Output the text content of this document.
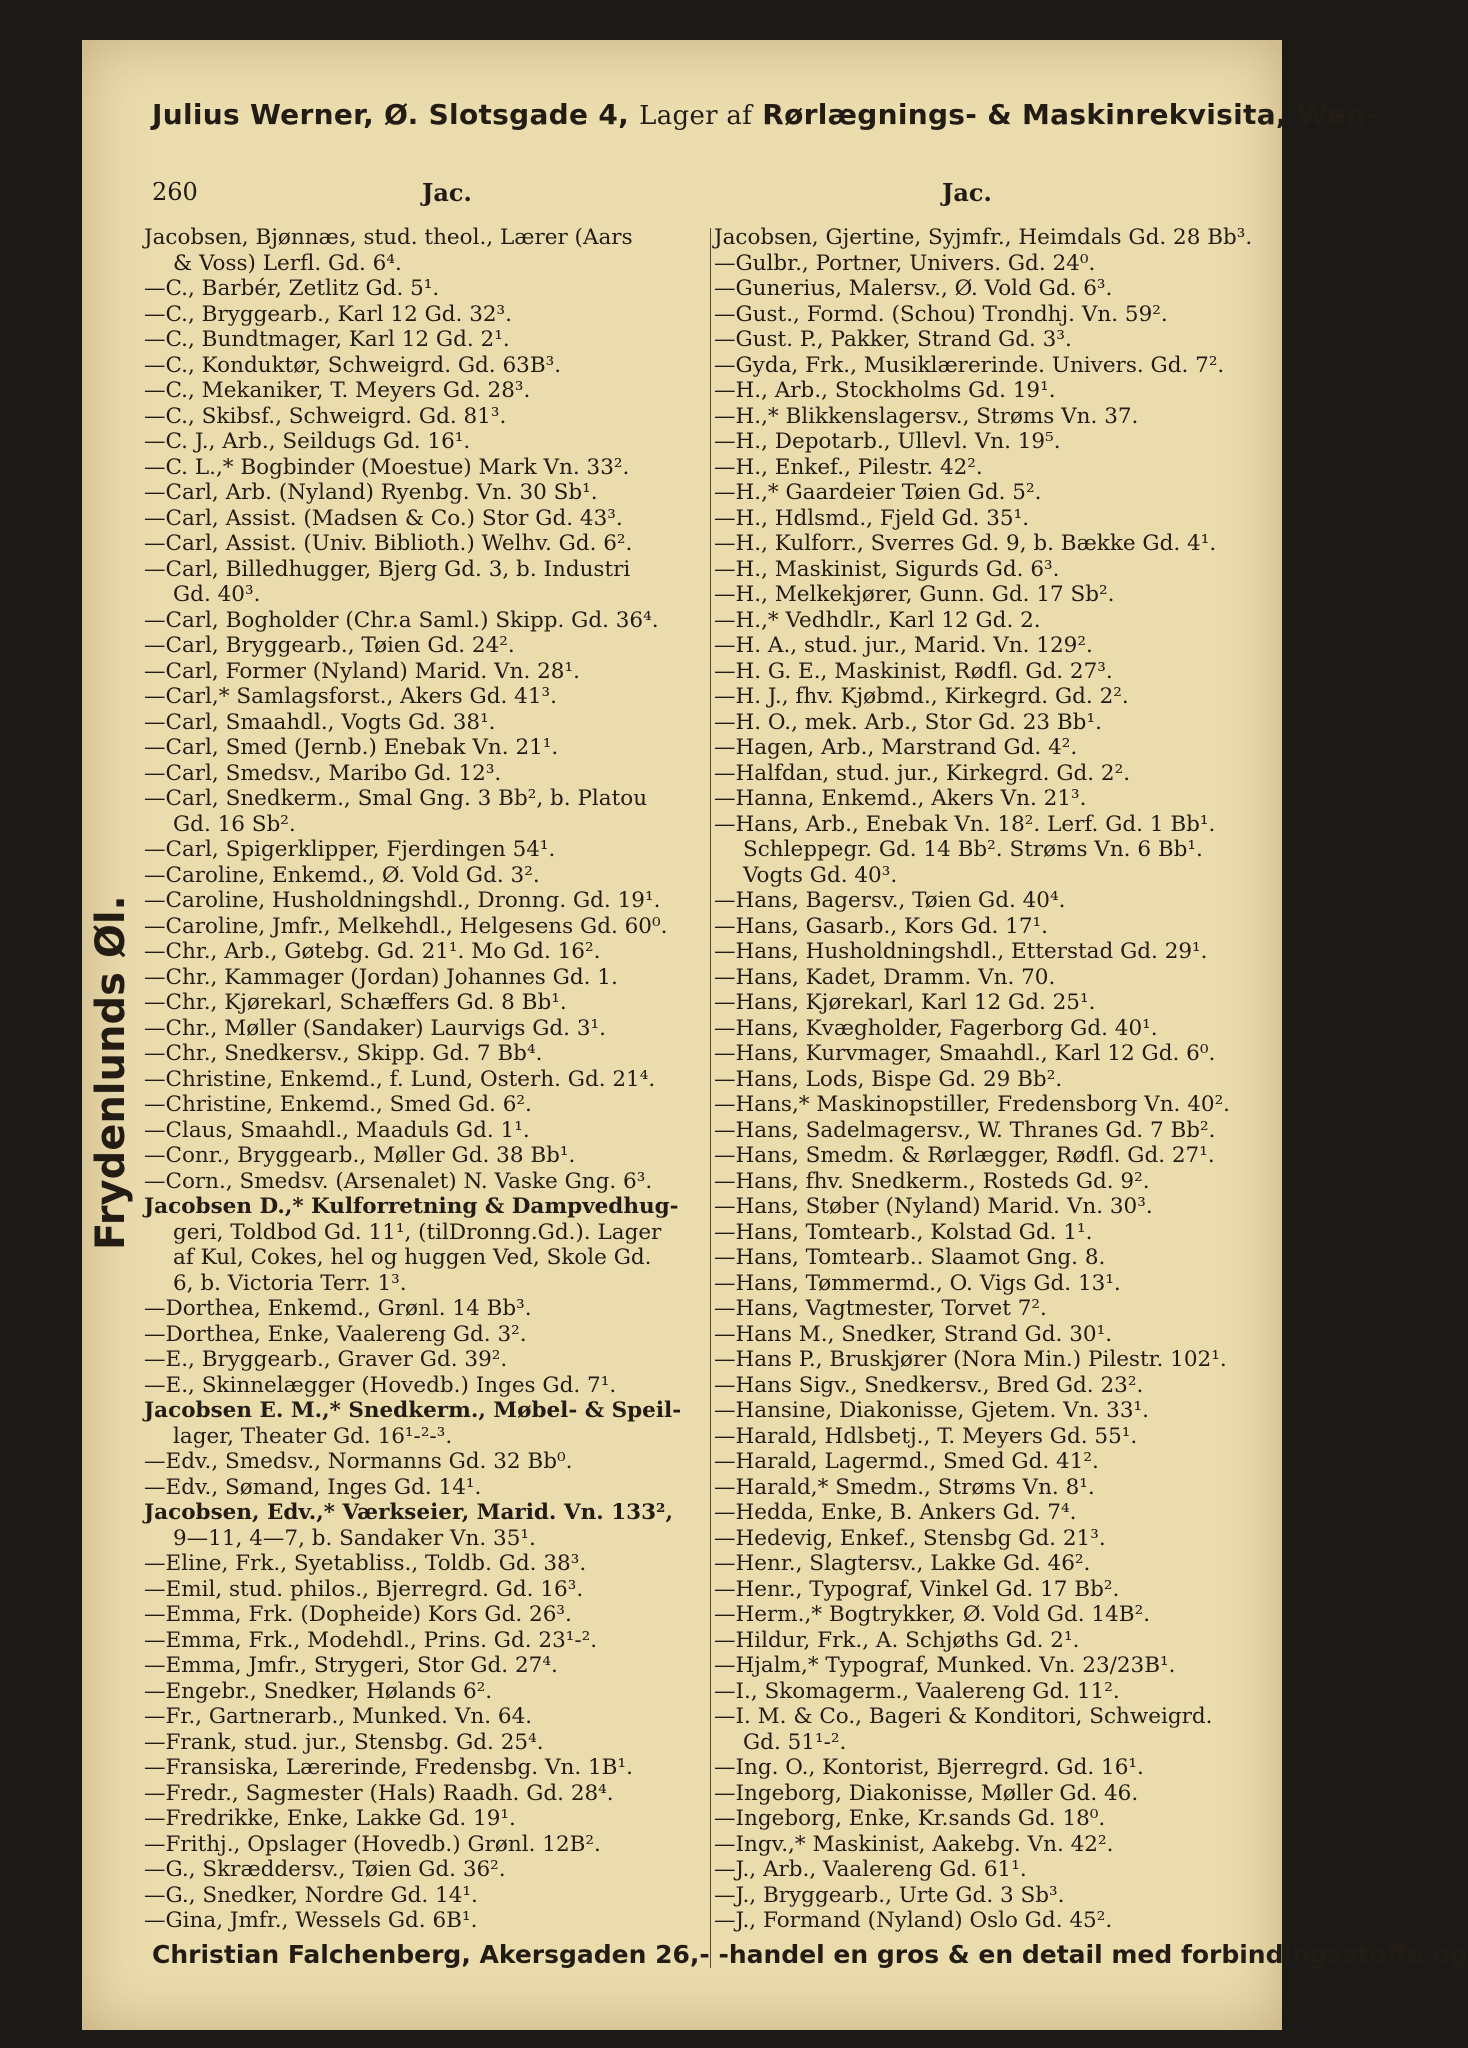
Julius Werner, Ø. Slotsgade 4, Lager af Rørlægnings- & Maskinrekvisita, Wen-
260	Jac.	Jac.
Jacobsen, Bjønnæs, stud. theol., Lærer (Aars
& Voss) Lerfl. Gd. 6⁴.
—C., Barbér, Zetlitz Gd. 5¹.
—C., Bryggearb., Karl 12 Gd. 32³.
—C., Bundtmager, Karl 12 Gd. 2¹.
—C., Konduktør, Schweigrd. Gd. 63B³.
—C., Mekaniker, T. Meyers Gd. 28³.
—C., Skibsf., Schweigrd. Gd. 81³.
—C. J., Arb., Seildugs Gd. 16¹.
—C. L.,* Bogbinder (Moestue) Mark Vn. 33².
—Carl, Arb. (Nyland) Ryenbg. Vn. 30 Sb¹.
—Carl, Assist. (Madsen & Co.) Stor Gd. 43³.
—Carl, Assist. (Univ. Biblioth.) Welhv. Gd. 6².
—Carl, Billedhugger, Bjerg Gd. 3, b. Industri
Gd. 40³.
—Carl, Bogholder (Chr.a Saml.) Skipp. Gd. 36⁴.
—Carl, Bryggearb., Tøien Gd. 24².
—Carl, Former (Nyland) Marid. Vn. 28¹.
—Carl,* Samlagsforst., Akers Gd. 41³.
—Carl, Smaahdl., Vogts Gd. 38¹.
—Carl, Smed (Jernb.) Enebak Vn. 21¹.
—Carl, Smedsv., Maribo Gd. 12³.
—Carl, Snedkerm., Smal Gng. 3 Bb², b. Platou
Gd. 16 Sb².
—Carl, Spigerklipper, Fjerdingen 54¹.
—Caroline, Enkemd., Ø. Vold Gd. 3².
—Caroline, Husholdningshdl., Dronng. Gd. 19¹.
—Caroline, Jmfr., Melkehdl., Helgesens Gd. 60⁰.
—Chr., Arb., Gøtebg. Gd. 21¹. Mo Gd. 16².
—Chr., Kammager (Jordan) Johannes Gd. 1.
—Chr., Kjørekarl, Schæffers Gd. 8 Bb¹.
—Chr., Møller (Sandaker) Laurvigs Gd. 3¹.
—Chr., Snedkersv., Skipp. Gd. 7 Bb⁴.
—Christine, Enkemd., f. Lund, Osterh. Gd. 21⁴.
—Christine, Enkemd., Smed Gd. 6².
—Claus, Smaahdl., Maaduls Gd. 1¹.
—Conr., Bryggearb., Møller Gd. 38 Bb¹.
—Corn., Smedsv. (Arsenalet) N. Vaske Gng. 6³.
Jacobsen D.,* Kulforretning & Dampvedhug-
geri, Toldbod Gd. 11¹, (tilDronng.Gd.). Lager
af Kul, Cokes, hel og huggen Ved, Skole Gd.
6, b. Victoria Terr. 1³.
—Dorthea, Enkemd., Grønl. 14 Bb³.
—Dorthea, Enke, Vaalereng Gd. 3².
—E., Bryggearb., Graver Gd. 39².
—E., Skinnelægger (Hovedb.) Inges Gd. 7¹.
Jacobsen E. M.,* Snedkerm., Møbel- & Speil-
lager, Theater Gd. 16¹-²-³.
—Edv., Smedsv., Normanns Gd. 32 Bb⁰.
—Edv., Sømand, Inges Gd. 14¹.
Jacobsen, Edv.,* Værkseier, Marid. Vn. 133²,
9—11, 4—7, b. Sandaker Vn. 35¹.
—Eline, Frk., Syetabliss., Toldb. Gd. 38³.
—Emil, stud. philos., Bjerregrd. Gd. 16³.
—Emma, Frk. (Dopheide) Kors Gd. 26³.
—Emma, Frk., Modehdl., Prins. Gd. 23¹-².
—Emma, Jmfr., Strygeri, Stor Gd. 27⁴.
—Engebr., Snedker, Hølands 6².
—Fr., Gartnerarb., Munked. Vn. 64.
—Frank, stud. jur., Stensbg. Gd. 25⁴.
—Fransiska, Lærerinde, Fredensbg. Vn. 1B¹.
—Fredr., Sagmester (Hals) Raadh. Gd. 28⁴.
—Fredrikke, Enke, Lakke Gd. 19¹.
—Frithj., Opslager (Hovedb.) Grønl. 12B².
—G., Skræddersv., Tøien Gd. 36².
—G., Snedker, Nordre Gd. 14¹.
—Gina, Jmfr., Wessels Gd. 6B¹.
Jacobsen, Gjertine, Syjmfr., Heimdals Gd. 28 Bb³.
—Gulbr., Portner, Univers. Gd. 24⁰.
—Gunerius, Malersv., Ø. Vold Gd. 6³.
—Gust., Formd. (Schou) Trondhj. Vn. 59².
—Gust. P., Pakker, Strand Gd. 3³.
—Gyda, Frk., Musiklærerinde. Univers. Gd. 7².
—H., Arb., Stockholms Gd. 19¹.
—H.,* Blikkenslagersv., Strøms Vn. 37.
—H., Depotarb., Ullevl. Vn. 19⁵.
—H., Enkef., Pilestr. 42².
—H.,* Gaardeier Tøien Gd. 5².
—H., Hdlsmd., Fjeld Gd. 35¹.
—H., Kulforr., Sverres Gd. 9, b. Bække Gd. 4¹.
—H., Maskinist, Sigurds Gd. 6³.
—H., Melkekjører, Gunn. Gd. 17 Sb².
—H.,* Vedhdlr., Karl 12 Gd. 2.
—H. A., stud. jur., Marid. Vn. 129².
—H. G. E., Maskinist, Rødfl. Gd. 27³.
—H. J., fhv. Kjøbmd., Kirkegrd. Gd. 2².
—H. O., mek. Arb., Stor Gd. 23 Bb¹.
—Hagen, Arb., Marstrand Gd. 4².
—Halfdan, stud. jur., Kirkegrd. Gd. 2².
—Hanna, Enkemd., Akers Vn. 21³.
—Hans, Arb., Enebak Vn. 18². Lerf. Gd. 1 Bb¹.
Schleppegr. Gd. 14 Bb². Strøms Vn. 6 Bb¹.
Vogts Gd. 40³.
—Hans, Bagersv., Tøien Gd. 40⁴.
—Hans, Gasarb., Kors Gd. 17¹.
—Hans, Husholdningshdl., Etterstad Gd. 29¹.
—Hans, Kadet, Dramm. Vn. 70.
—Hans, Kjørekarl, Karl 12 Gd. 25¹.
—Hans, Kvægholder, Fagerborg Gd. 40¹.
—Hans, Kurvmager, Smaahdl., Karl 12 Gd. 6⁰.
—Hans, Lods, Bispe Gd. 29 Bb².
—Hans,* Maskinopstiller, Fredensborg Vn. 40².
—Hans, Sadelmagersv., W. Thranes Gd. 7 Bb².
—Hans, Smedm. & Rørlægger, Rødfl. Gd. 27¹.
—Hans, fhv. Snedkerm., Rosteds Gd. 9².
—Hans, Støber (Nyland) Marid. Vn. 30³.
—Hans, Tomtearb., Kolstad Gd. 1¹.
—Hans, Tomtearb.. Slaamot Gng. 8.
—Hans, Tømmermd., O. Vigs Gd. 13¹.
—Hans, Vagtmester, Torvet 7².
—Hans M., Snedker, Strand Gd. 30¹.
—Hans P., Bruskjører (Nora Min.) Pilestr. 102¹.
—Hans Sigv., Snedkersv., Bred Gd. 23².
—Hansine, Diakonisse, Gjetem. Vn. 33¹.
—Harald, Hdlsbetj., T. Meyers Gd. 55¹.
—Harald, Lagermd., Smed Gd. 41².
—Harald,* Smedm., Strøms Vn. 8¹.
—Hedda, Enke, B. Ankers Gd. 7⁴.
—Hedevig, Enkef., Stensbg Gd. 21³.
—Henr., Slagtersv., Lakke Gd. 46².
—Henr., Typograf, Vinkel Gd. 17 Bb².
—Herm.,* Bogtrykker, Ø. Vold Gd. 14B².
—Hildur, Frk., A. Schjøths Gd. 2¹.
—Hjalm,* Typograf, Munked. Vn. 23/23B¹.
—I., Skomagerm., Vaalereng Gd. 11².
—I. M. & Co., Bageri & Konditori, Schweigrd.
Gd. 51¹-².
—Ing. O., Kontorist, Bjerregrd. Gd. 16¹.
—Ingeborg, Diakonisse, Møller Gd. 46.
—Ingeborg, Enke, Kr.sands Gd. 18⁰.
—Ingv.,* Maskinist, Aakebg. Vn. 42².
—J., Arb., Vaalereng Gd. 61¹.
—J., Bryggearb., Urte Gd. 3 Sb³.
—J., Formand (Nyland) Oslo Gd. 45².
Frydenlunds Øl.
Christian Falchenberg, Akersgaden 26,- -handel en gros & en detail med forbindingsstoffe og
